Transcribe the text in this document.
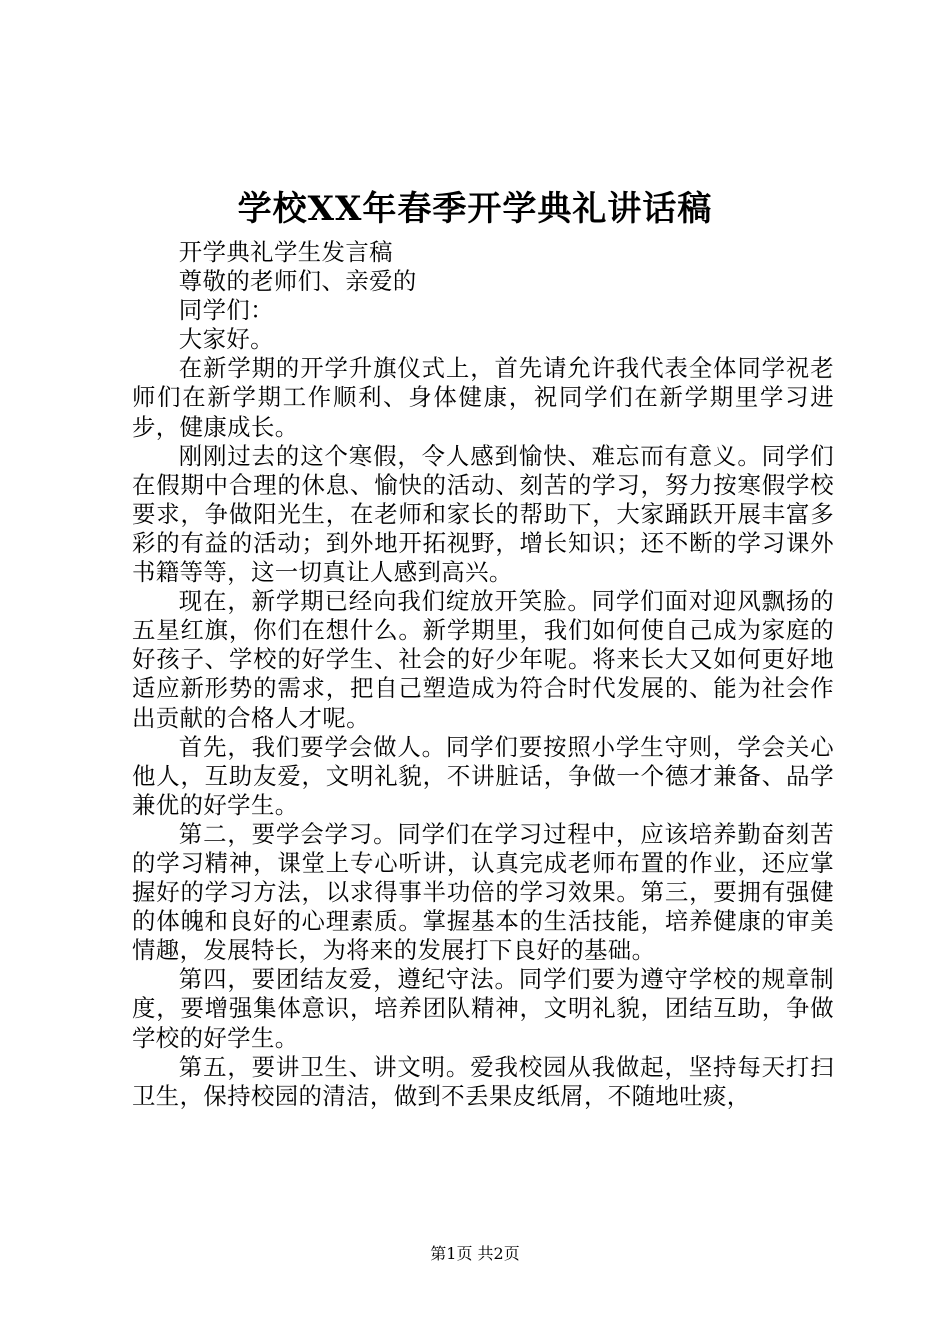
学校XX年春季开学典礼讲话稿

开学典礼学生发言稿

尊敬的老师们、亲爱的

同学们：

大家好。

在新学期的开学升旗仪式上，首先请允许我代表全体同学祝老师们在新学期工作顺利、身体健康，祝同学们在新学期里学习进步，健康成长。

刚刚过去的这个寒假，令人感到愉快、难忘而有意义。同学们在假期中合理的休息、愉快的活动、刻苦的学习，努力按寒假学校要求，争做阳光生，在老师和家长的帮助下，大家踊跃开展丰富多彩的有益的活动；到外地开拓视野，增长知识；还不断的学习课外书籍等等，这一切真让人感到高兴。

现在，新学期已经向我们绽放开笑脸。同学们面对迎风飘扬的五星红旗，你们在想什么。新学期里，我们如何使自己成为家庭的好孩子、学校的好学生、社会的好少年呢。将来长大又如何更好地适应新形势的需求，把自己塑造成为符合时代发展的、能为社会作出贡献的合格人才呢。

首先，我们要学会做人。同学们要按照小学生守则，学会关心他人，互助友爱，文明礼貌，不讲脏话，争做一个德才兼备、品学兼优的好学生。

第二，要学会学习。同学们在学习过程中，应该培养勤奋刻苦的学习精神，课堂上专心听讲，认真完成老师布置的作业，还应掌握好的学习方法，以求得事半功倍的学习效果。第三，要拥有强健的体魄和良好的心理素质。掌握基本的生活技能，培养健康的审美情趣，发展特长，为将来的发展打下良好的基础。

第四，要团结友爱，遵纪守法。同学们要为遵守学校的规章制度，要增强集体意识，培养团队精神，文明礼貌，团结互助，争做学校的好学生。

第五，要讲卫生、讲文明。爱我校园从我做起，坚持每天打扫卫生，保持校园的清洁，做到不丢果皮纸屑，不随地吐痰，

第1页 共2页
